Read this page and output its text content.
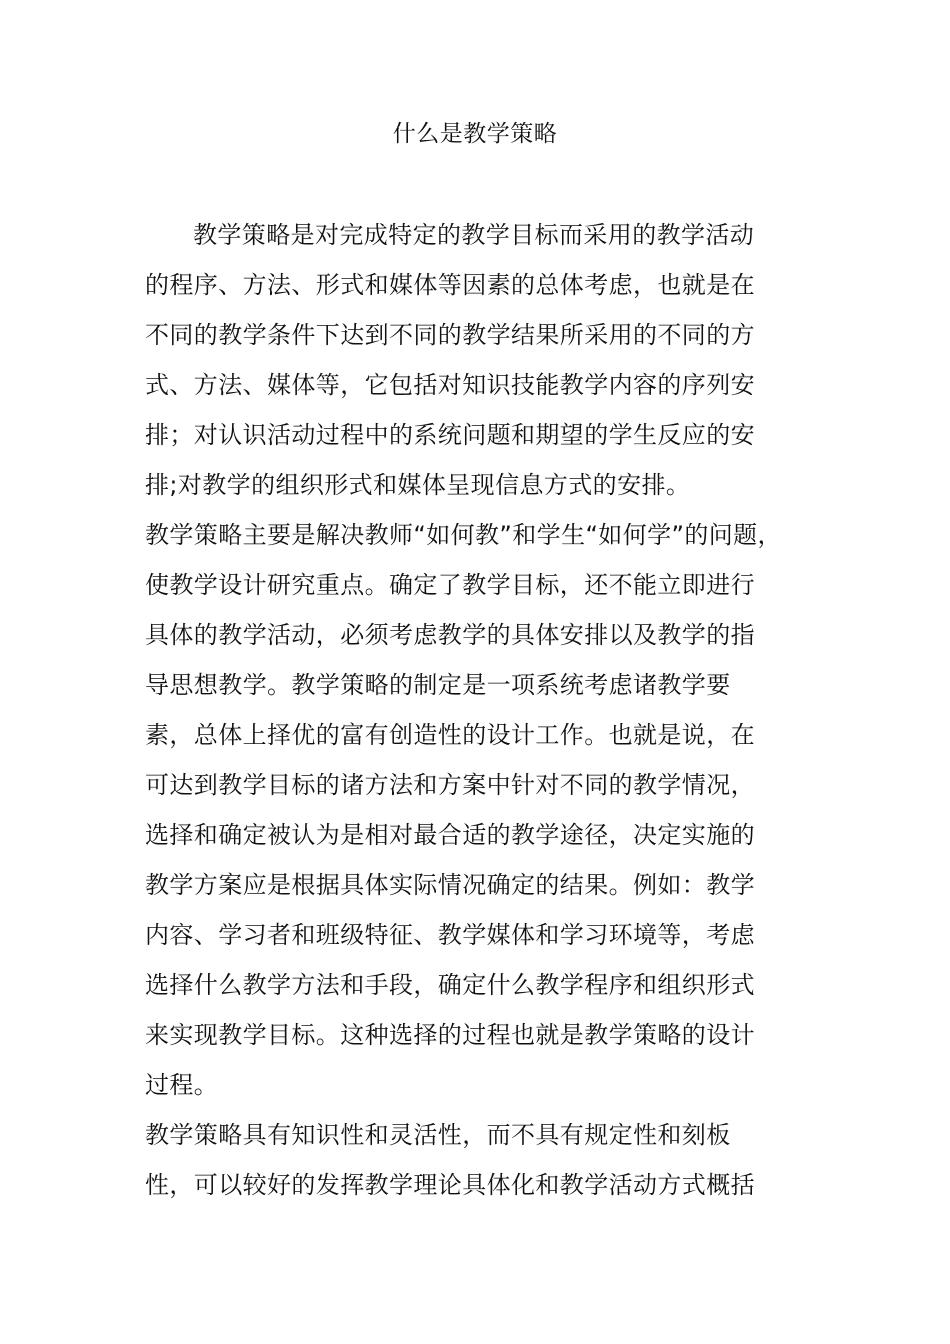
什么是教学策略
教学策略是对完成特定的教学目标而采用的教学活动
的程序、方法、形式和媒体等因素的总体考虑，也就是在
不同的教学条件下达到不同的教学结果所采用的不同的方
式、方法、媒体等，它包括对知识技能教学内容的序列安
排；对认识活动过程中的系统问题和期望的学生反应的安
排;对教学的组织形式和媒体呈现信息方式的安排。
教学策略主要是解决教师“如何教”和学生“如何学”的问题，
使教学设计研究重点。确定了教学目标，还不能立即进行
具体的教学活动，必须考虑教学的具体安排以及教学的指
导思想教学。教学策略的制定是一项系统考虑诸教学要
素，总体上择优的富有创造性的设计工作。也就是说，在
可达到教学目标的诸方法和方案中针对不同的教学情况，
选择和确定被认为是相对最合适的教学途径，决定实施的
教学方案应是根据具体实际情况确定的结果。例如：教学
内容、学习者和班级特征、教学媒体和学习环境等，考虑
选择什么教学方法和手段，确定什么教学程序和组织形式
来实现教学目标。这种选择的过程也就是教学策略的设计
过程。
教学策略具有知识性和灵活性，而不具有规定性和刻板
性，可以较好的发挥教学理论具体化和教学活动方式概括
